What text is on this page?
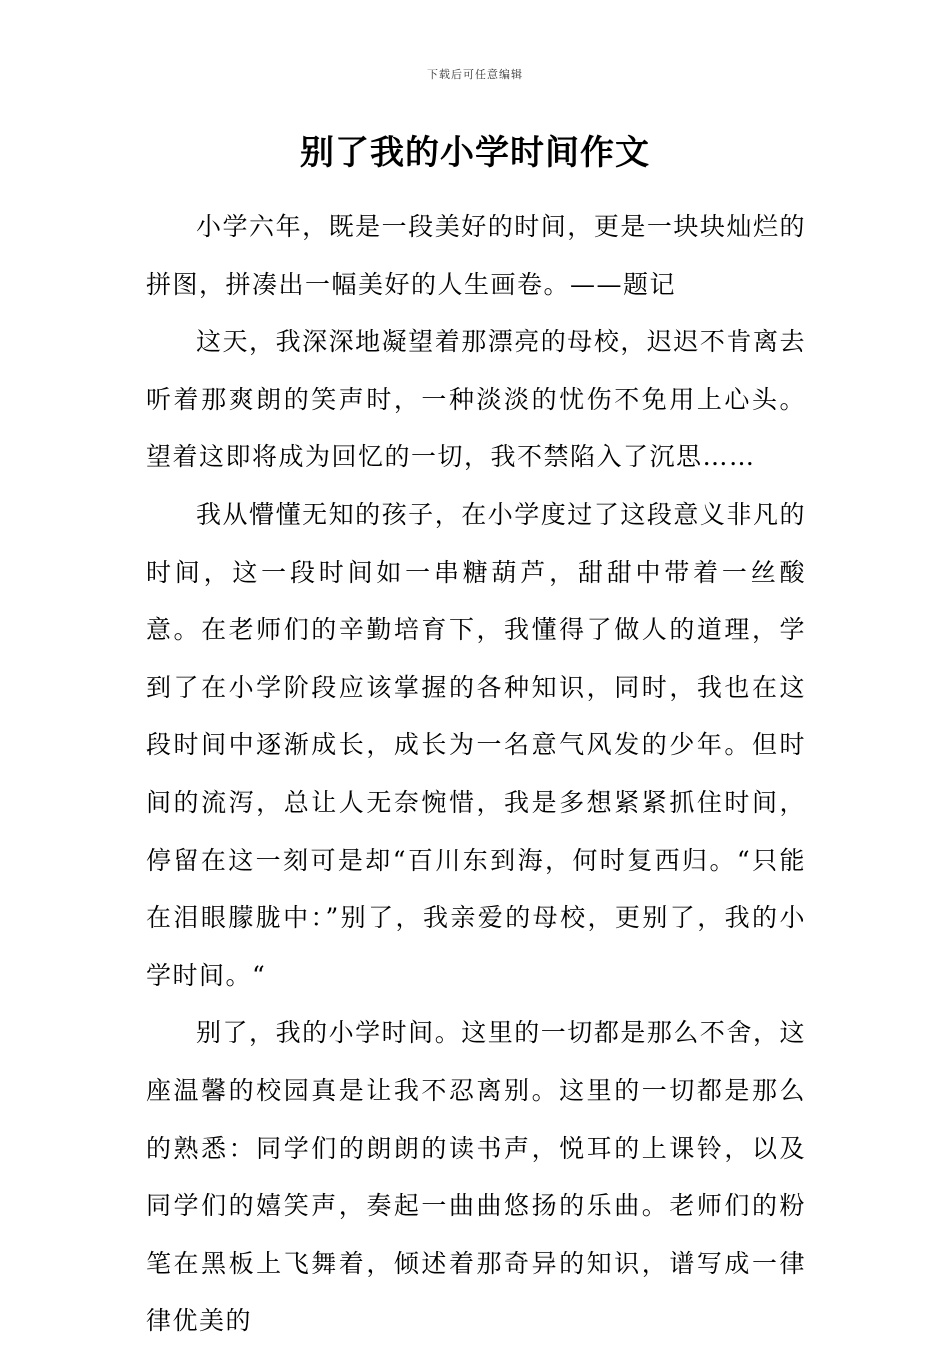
下载后可任意编辑
别了我的小学时间作文

小学六年，既是一段美好的时间，更是一块块灿烂的拼图，拼凑出一幅美好的人生画卷。——题记

这天，我深深地凝望着那漂亮的母校，迟迟不肯离去听着那爽朗的笑声时，一种淡淡的忧伤不免用上心头。望着这即将成为回忆的一切，我不禁陷入了沉思……

我从懵懂无知的孩子，在小学度过了这段意义非凡的时间，这一段时间如一串糖葫芦，甜甜中带着一丝酸意。在老师们的辛勤培育下，我懂得了做人的道理，学到了在小学阶段应该掌握的各种知识，同时，我也在这段时间中逐渐成长，成长为一名意气风发的少年。但时间的流泻，总让人无奈惋惜，我是多想紧紧抓住时间，停留在这一刻可是却“百川东到海，何时复西归。“只能在泪眼朦胧中：”别了，我亲爱的母校，更别了，我的小学时间。“

别了，我的小学时间。这里的一切都是那么不舍，这座温馨的校园真是让我不忍离别。这里的一切都是那么的熟悉：同学们的朗朗的读书声，悦耳的上课铃，以及同学们的嬉笑声，奏起一曲曲悠扬的乐曲。老师们的粉笔在黑板上飞舞着，倾述着那奇异的知识，谱写成一律律优美的
